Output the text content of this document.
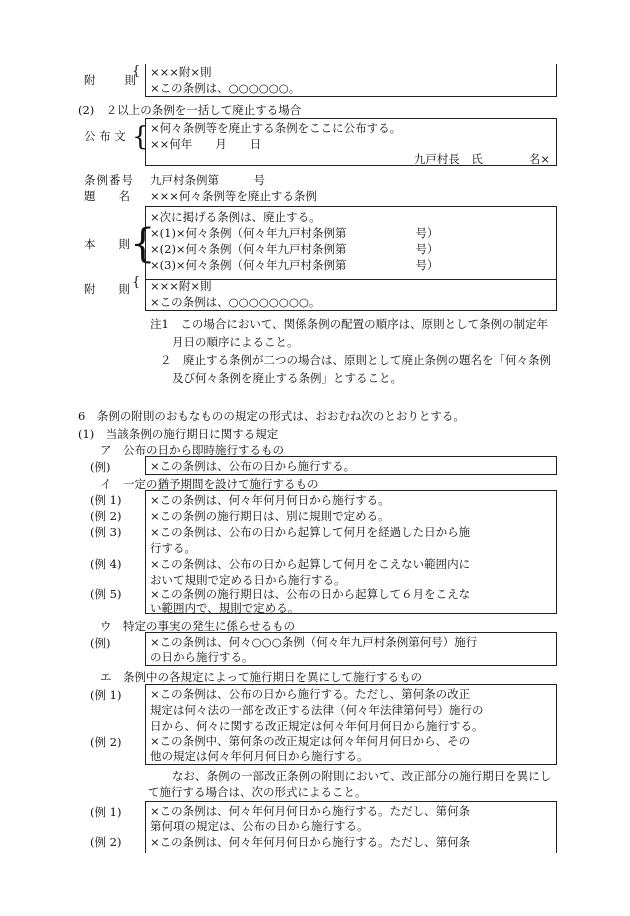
附　　則
{ ×××附×則
×この条例は、○○○○○○。
(2)　２以上の条例を一括して廃止する場合
公 布 文 { ×何々条例等を廃止する条例をここに公布する。
××何年　　月　　日
九戸村長　氏　　　　名×
条例番号 九戸村条例第　　　号
題　　名 ×××何々条例等を廃止する条例
本　　則 {
×次に掲げる条例は、廃止する。
×(1)×何々条例（何々年九戸村条例第　　　　　　号）
×(2)×何々条例（何々年九戸村条例第　　　　　　号）
×(3)×何々条例（何々年九戸村条例第　　　　　　号）
附　　則 { ×××附×則
×この条例は、○○○○○○○○。
注1　この場合において、関係条例の配置の順序は、原則として条例の制定年
月日の順序によること。
２　廃止する条例が二つの場合は、原則として廃止条例の題名を「何々条例
及び何々条例を廃止する条例」とすること。
6　条例の附則のおもなものの規定の形式は、おおむね次のとおりとする。
(1)　当該条例の施行期日に関する規定
ア　公布の日から即時施行するもの
(例)	×この条例は、公布の日から施行する。
イ　一定の猶予期間を設けて施行するもの
(例 1)
(例 2)
(例 3)
(例 4)
(例 5)
×この条例は、何々年何月何日から施行する。
×この条例の施行期日は、別に規則で定める。
×この条例は、公布の日から起算して何月を経過した日から施
行する。
×この条例は、公布の日から起算して何月をこえない範囲内に
おいて規則で定める日から施行する。
×この条例の施行期日は、公布の日から起算して６月をこえな
い範囲内で、規則で定める。
ウ　特定の事実の発生に係らせるもの
(例)	×この条例は、何々○○○条例（何々年九戸村条例第何号）施行
の日から施行する。
エ　条例中の各規定によって施行期日を異にして施行するもの
(例 1)
(例 2)
×この条例は、公布の日から施行する。ただし、第何条の改正
規定は何々法の一部を改正する法律（何々年法律第何号）施行の
日から、何々に関する改正規定は何々年何月何日から施行する。
×この条例中、第何条の改正規定は何々年何月何日から、その
他の規定は何々年何月何日から施行する。
なお、条例の一部改正条例の附則において、改正部分の施行期日を異にし
て施行する場合は、次の形式によること。
(例 1)
(例 2)
×この条例は、何々年何月何日から施行する。ただし、第何条
第何項の規定は、公布の日から施行する。
×この条例は、何々年何月何日から施行する。ただし、第何条
